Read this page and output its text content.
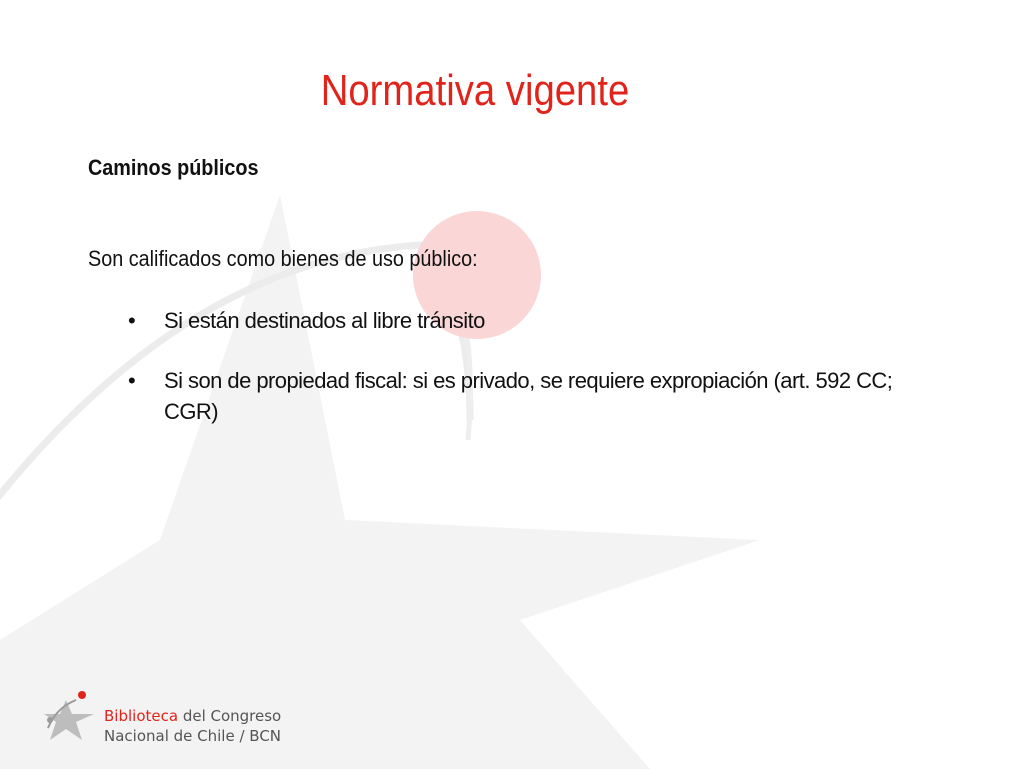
Normativa vigente
Caminos públicos
Son calificados como bienes de uso público:
• Si están destinados al libre tránsito
• Si son de propiedad fiscal: si es privado, se requiere expropiación (art. 592 CC; CGR)
Biblioteca del Congreso
Nacional de Chile / BCN
